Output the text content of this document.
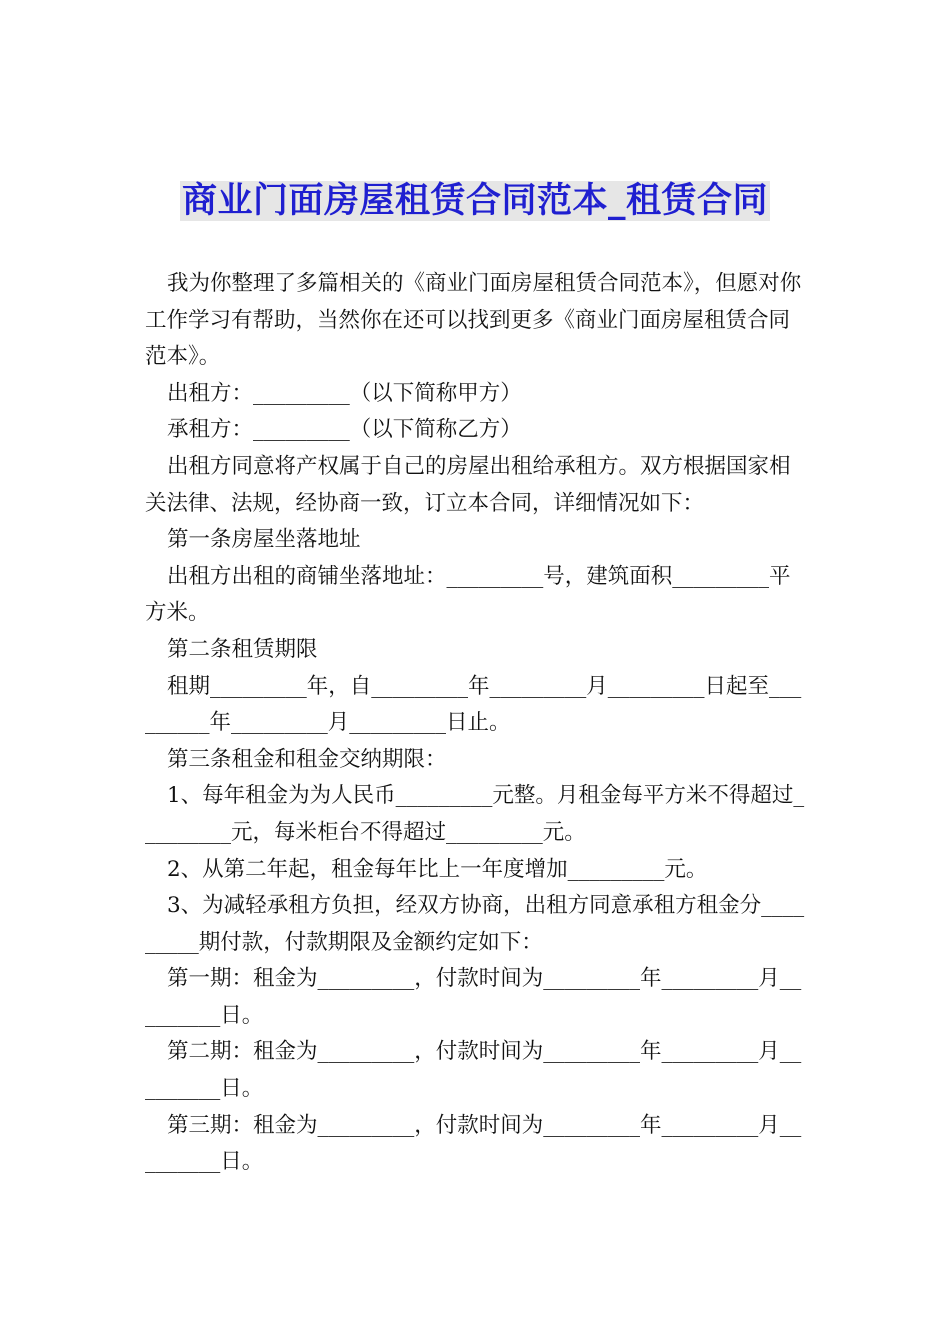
商业门面房屋租赁合同范本_租赁合同

我为你整理了多篇相关的《商业门面房屋租赁合同范本》，但愿对你工作学习有帮助，当然你在还可以找到更多《商业门面房屋租赁合同范本》。

出租方：_________（以下简称甲方）

承租方：_________（以下简称乙方）

出租方同意将产权属于自己的房屋出租给承租方。双方根据国家相关法律、法规，经协商一致，订立本合同，详细情况如下：

第一条房屋坐落地址

出租方出租的商铺坐落地址：_________号，建筑面积_________平方米。

第二条租赁期限

租期_________年，自_________年_________月_________日起至_________年_________月_________日止。

第三条租金和租金交纳期限：

1、每年租金为为人民币_________元整。月租金每平方米不得超过_________元，每米柜台不得超过_________元。

2、从第二年起，租金每年比上一年度增加_________元。

3、为减轻承租方负担，经双方协商，出租方同意承租方租金分_________期付款，付款期限及金额约定如下：

第一期：租金为_________，付款时间为_________年_________月_________日。

第二期：租金为_________，付款时间为_________年_________月_________日。

第三期：租金为_________，付款时间为_________年_________月_________日。
